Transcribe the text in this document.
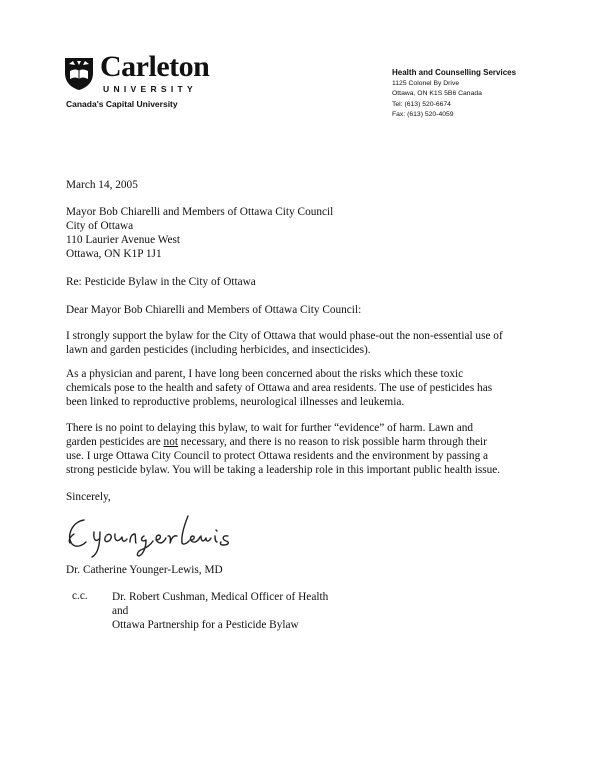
Carleton
UNIVERSITY
Canada's Capital University
Health and Counselling Services
1125 Colonel By Drive
Ottawa, ON K1S 5B6 Canada
Tel: (613) 520-6674
Fax: (613) 520-4059
March 14, 2005
Mayor Bob Chiarelli and Members of Ottawa City Council
City of Ottawa
110 Laurier Avenue West
Ottawa, ON K1P 1J1
Re: Pesticide Bylaw in the City of Ottawa
Dear Mayor Bob Chiarelli and Members of Ottawa City Council:
I strongly support the bylaw for the City of Ottawa that would phase-out the non-essential use of
lawn and garden pesticides (including herbicides, and insecticides).
As a physician and parent, I have long been concerned about the risks which these toxic
chemicals pose to the health and safety of Ottawa and area residents. The use of pesticides has
been linked to reproductive problems, neurological illnesses and leukemia.
There is no point to delaying this bylaw, to wait for further “evidence” of harm. Lawn and
garden pesticides are not necessary, and there is no reason to risk possible harm through their
use. I urge Ottawa City Council to protect Ottawa residents and the environment by passing a
strong pesticide bylaw. You will be taking a leadership role in this important public health issue.
Sincerely,
Dr. Catherine Younger-Lewis, MD
c.c.	Dr. Robert Cushman, Medical Officer of Health
and
Ottawa Partnership for a Pesticide Bylaw
